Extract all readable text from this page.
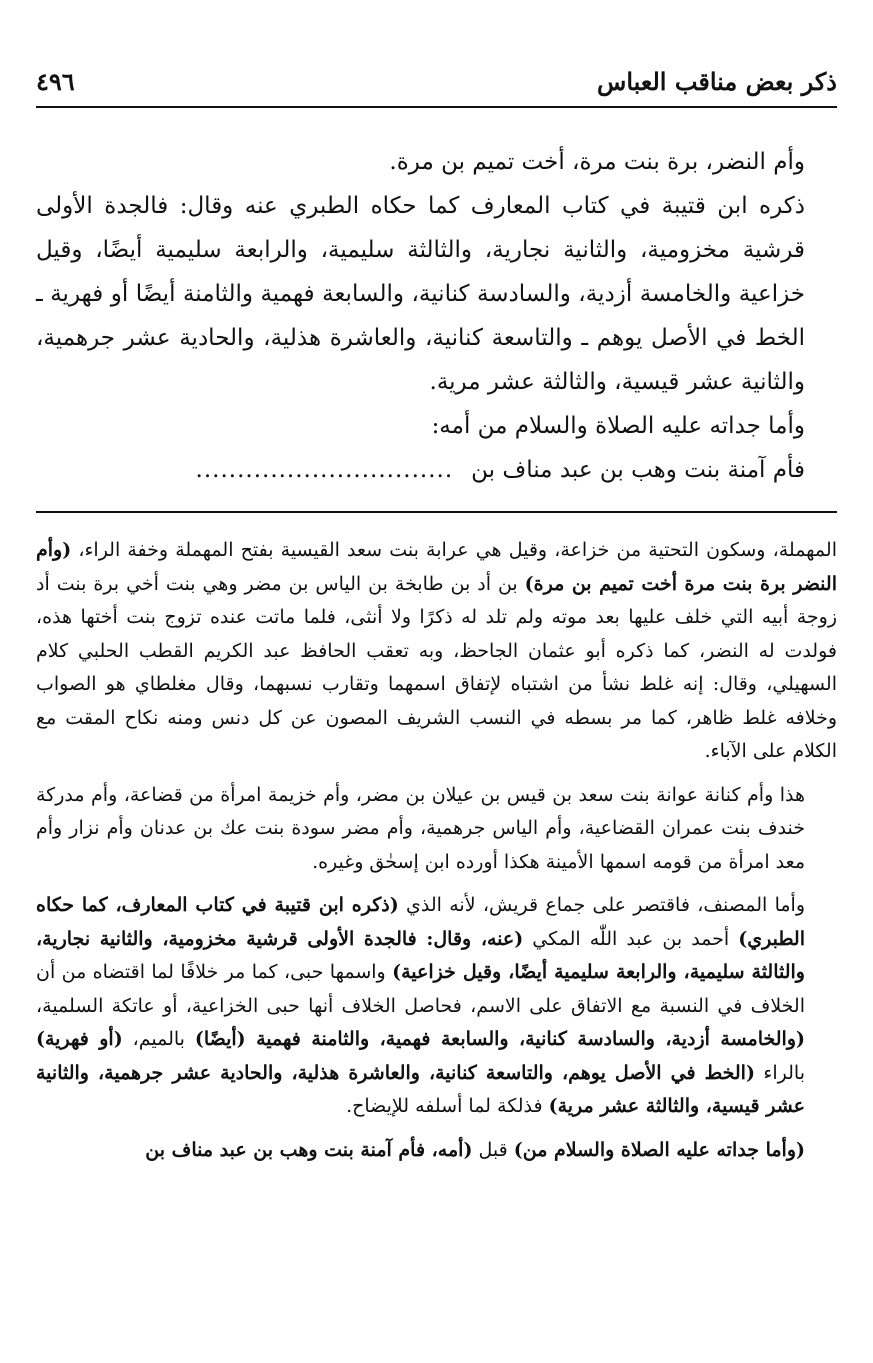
٤٩٦	ذكر بعض مناقب العباس

وأم النضر، برة بنت مرة، أخت تميم بن مرة.

ذكره ابن قتيبة في كتاب المعارف كما حكاه الطبري عنه وقال: فالجدة الأولى قرشية مخزومية، والثانية نجارية، والثالثة سليمية، والرابعة سليمية أيضًا، وقيل خزاعية والخامسة أزدية، والسادسة كنانية، والسابعة فهمية والثامنة أيضًا أو فهرية ـ الخط في الأصل يوهم ـ والتاسعة كنانية، والعاشرة هذلية، والحادية عشر جرهمية، والثانية عشر قيسية، والثالثة عشر مرية.

وأما جداته عليه الصلاة والسلام من أمه:

فأم آمنة بنت وهب بن عبد مناف بن
...............................

المهملة، وسكون التحتية من خزاعة، وقيل هي عرابة بنت سعد القيسية بفتح المهملة وخفة الراء، (وأم النضر برة بنت مرة أخت تميم بن مرة) بن أد بن طابخة بن الياس بن مضر وهي بنت أخي برة بنت أد زوجة أبيه التي خلف عليها بعد موته ولم تلد له ذكرًا ولا أنثى، فلما ماتت عنده تزوج بنت أختها هذه، فولدت له النضر، كما ذكره أبو عثمان الجاحظ، وبه تعقب الحافظ عبد الكريم القطب الحلبي كلام السهيلي، وقال: إنه غلط نشأ من اشتباه لإتفاق اسمهما وتقارب نسبهما، وقال مغلطاي هو الصواب وخلافه غلط ظاهر، كما مر بسطه في النسب الشريف المصون عن كل دنس ومنه نكاح المقت مع الكلام على الآباء.

هذا وأم كنانة عوانة بنت سعد بن قيس بن عيلان بن مضر، وأم خزيمة امرأة من قضاعة، وأم مدركة خندف بنت عمران القضاعية، وأم الياس جرهمية، وأم مضر سودة بنت عك بن عدنان وأم نزار وأم معد امرأة من قومه اسمها الأمينة هكذا أورده ابن إسحٰق وغيره.

وأما المصنف، فاقتصر على جماع قريش، لأنه الذي (ذكره ابن قتيبة في كتاب المعارف، كما حكاه الطبري) أحمد بن عبد اللّٰه المكي (عنه، وقال: فالجدة الأولى قرشية مخزومية، والثانية نجارية، والثالثة سليمية، والرابعة سليمية أيضًا، وقيل خزاعية) واسمها حبى، كما مر خلافًا لما اقتضاه من أن الخلاف في النسبة مع الاتفاق على الاسم، فحاصل الخلاف أنها حبى الخزاعية، أو عاتكة السلمية، (والخامسة أزدية، والسادسة كنانية، والسابعة فهمية، والثامنة فهمية (أيضًا) بالميم، (أو فهرية) بالراء (الخط في الأصل يوهم، والتاسعة كنانية، والعاشرة هذلية، والحادية عشر جرهمية، والثانية عشر قيسية، والثالثة عشر مرية) فذلكة لما أسلفه للإيضاح.

(وأما جداته عليه الصلاة والسلام من) قبل (أمه، فأم آمنة بنت وهب بن عبد مناف بن
